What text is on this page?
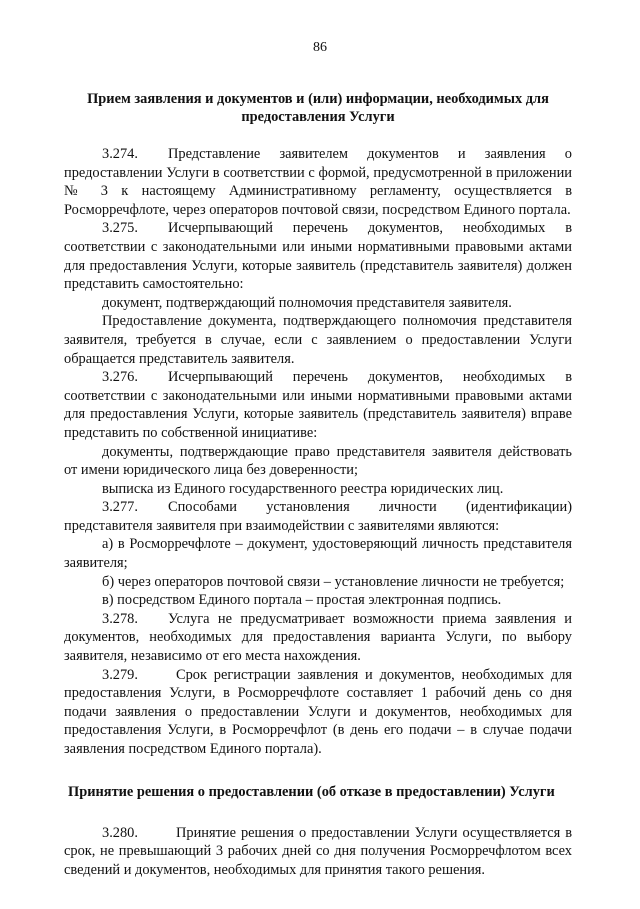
86
Прием заявления и документов и (или) информации, необходимых для предоставления Услуги

3.274. Представление заявителем документов и заявления о предоставлении Услуги в соответствии с формой, предусмотренной в приложении № 3 к настоящему Административному регламенту, осуществляется в Росморречфлоте, через операторов почтовой связи, посредством Единого портала.

3.275. Исчерпывающий перечень документов, необходимых в соответствии с законодательными или иными нормативными правовыми актами для предоставления Услуги, которые заявитель (представитель заявителя) должен представить самостоятельно:

документ, подтверждающий полномочия представителя заявителя.

Предоставление документа, подтверждающего полномочия представителя заявителя, требуется в случае, если с заявлением о предоставлении Услуги обращается представитель заявителя.

3.276. Исчерпывающий перечень документов, необходимых в соответствии с законодательными или иными нормативными правовыми актами для предоставления Услуги, которые заявитель (представитель заявителя) вправе представить по собственной инициативе:

документы, подтверждающие право представителя заявителя действовать от имени юридического лица без доверенности;

выписка из Единого государственного реестра юридических лиц.

3.277. Способами установления личности (идентификации) представителя заявителя при взаимодействии с заявителями являются:

а) в Росморречфлоте – документ, удостоверяющий личность представителя заявителя;

б) через операторов почтовой связи – установление личности не требуется;

в) посредством Единого портала – простая электронная подпись.

3.278. Услуга не предусматривает возможности приема заявления и документов, необходимых для предоставления варианта Услуги, по выбору заявителя, независимо от его места нахождения.

3.279.	Срок регистрации заявления и документов, необходимых для предоставления Услуги, в Росморречфлоте составляет 1 рабочий день со дня подачи заявления о предоставлении Услуги и документов, необходимых для предоставления Услуги, в Росморречфлот (в день его подачи – в случае подачи заявления посредством Единого портала).

Принятие решения о предоставлении (об отказе в предоставлении) Услуги

3.280.	Принятие решения о предоставлении Услуги осуществляется в срок, не превышающий 3 рабочих дней со дня получения Росморречфлотом всех сведений и документов, необходимых для принятия такого решения.
